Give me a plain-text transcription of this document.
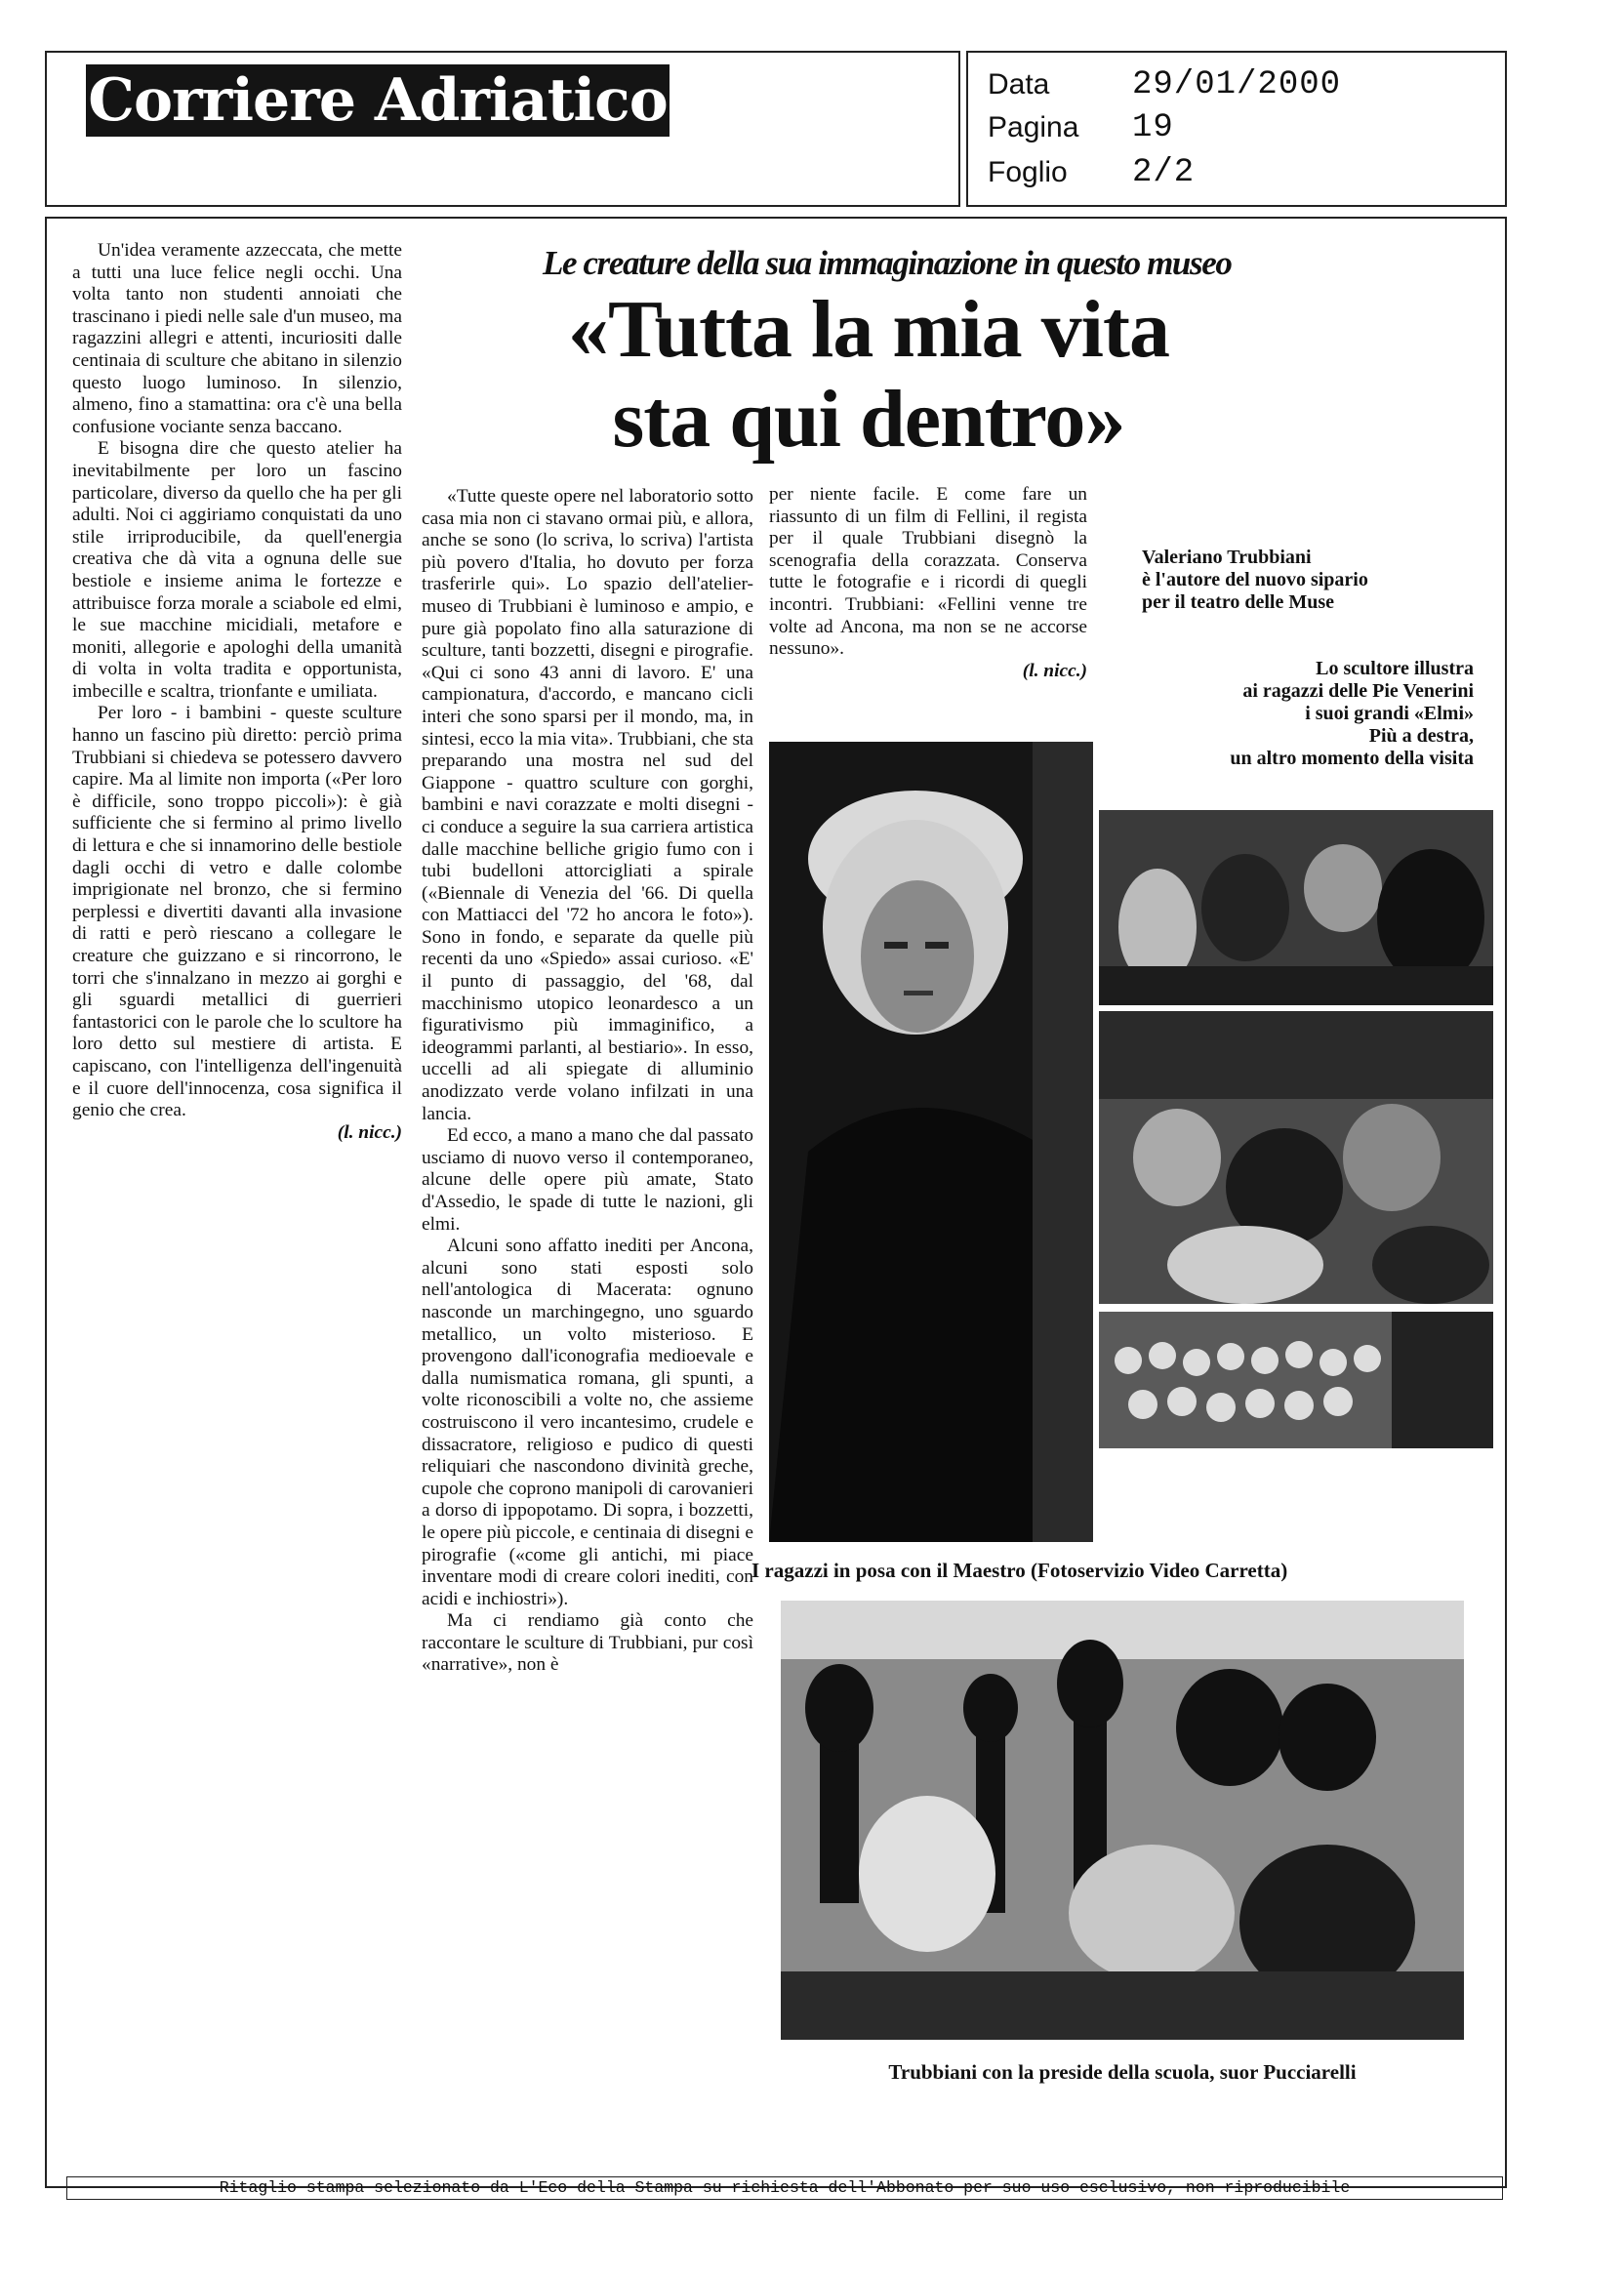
Corriere Adriatico	Data 29/01/2000
Pagina 19
Foglio 2/2

Un'idea veramente azzeccata, che mette a tutti una luce felice negli occhi. Una volta tanto non studenti annoiati che trascinano i piedi nelle sale d'un museo, ma ragazzini allegri e attenti, incuriositi dalle centinaia di sculture che abitano in silenzio questo luogo luminoso. In silenzio, almeno, fino a stamattina: ora c'è una bella confusione vociante senza baccano.

E bisogna dire che questo atelier ha inevitabilmente per loro un fascino particolare, diverso da quello che ha per gli adulti. Noi ci aggiriamo conquistati da uno stile irriproducibile, da quell'energia creativa che dà vita a ognuna delle sue bestiole e insieme anima le fortezze e attribuisce forza morale a sciabole ed elmi, le sue macchine micidiali, metafore e moniti, allegorie e apologhi della umanità di volta in volta tradita e opportunista, imbecille e scaltra, trionfante e umiliata.

Per loro - i bambini - queste sculture hanno un fascino più diretto: perciò prima Trubbiani si chiedeva se potessero davvero capire. Ma al limite non importa («Per loro è difficile, sono troppo piccoli»): è già sufficiente che si fermino al primo livello di lettura e che si innamorino delle bestiole dagli occhi di vetro e dalle colombe imprigionate nel bronzo, che si fermino perplessi e divertiti davanti alla invasione di ratti e però riescano a collegare le creature che guizzano e si rincorrono, le torri che s'innalzano in mezzo ai gorghi e gli sguardi metallici di guerrieri fantastorici con le parole che lo scultore ha loro detto sul mestiere di artista. E capiscano, con l'intelligenza dell'ingenuità e il cuore dell'innocenza, cosa significa il genio che crea.

(l. nicc.)
Le creature della sua immaginazione in questo museo
«Tutta la mia vita
sta qui dentro»

«Tutte queste opere nel laboratorio sotto casa mia non ci stavano ormai più, e allora, anche se sono (lo scriva, lo scriva) l'artista più povero d'Italia, ho dovuto per forza trasferirle qui». Lo spazio dell'atelier-museo di Trubbiani è luminoso e ampio, e pure già popolato fino alla saturazione di sculture, tanti bozzetti, disegni e pirografie. «Qui ci sono 43 anni di lavoro. E' una campionatura, d'accordo, e mancano cicli interi che sono sparsi per il mondo, ma, in sintesi, ecco la mia vita». Trubbiani, che sta preparando una mostra nel sud del Giappone - quattro sculture con gorghi, bambini e navi corazzate e molti disegni - ci conduce a seguire la sua carriera artistica dalle macchine belliche grigio fumo con i tubi budelloni attorcigliati a spirale («Biennale di Venezia del '66. Di quella con Mattiacci del '72 ho ancora le foto»). Sono in fondo, e separate da quelle più recenti da uno «Spiedo» assai curioso. «E' il punto di passaggio, del '68, dal macchinismo utopico leonardesco a un figurativismo più immaginifico, a ideogrammi parlanti, al bestiario». In esso, uccelli ad ali spiegate di alluminio anodizzato verde volano infilzati in una lancia.

Ed ecco, a mano a mano che dal passato usciamo di nuovo verso il contemporaneo, alcune delle opere più amate, Stato d'Assedio, le spade di tutte le nazioni, gli elmi.

Alcuni sono affatto inediti per Ancona, alcuni sono stati esposti solo nell'antologica di Macerata: ognuno nasconde un marchingegno, uno sguardo metallico, un volto misterioso. E provengono dall'iconografia medioevale e dalla numismatica romana, gli spunti, a volte riconoscibili a volte no, che assieme costruiscono il vero incantesimo, crudele e dissacratore, religioso e pudico di questi reliquiari che nascondono divinità greche, cupole che coprono manipoli di carovanieri a dorso di ippopotamo. Di sopra, i bozzetti, le opere più piccole, e centinaia di disegni e pirografie («come gli antichi, mi piace inventare modi di creare colori inediti, con acidi e inchiostri»).

Ma ci rendiamo già conto che raccontare le sculture di Trubbiani, pur così «narrative», non è

per niente facile. E come fare un riassunto di un film di Fellini, il regista per il quale Trubbiani disegnò la scenografia della corazzata. Conserva tutte le fotografie e i ricordi di quegli incontri. Trubbiani: «Fellini venne tre volte ad Ancona, ma non se ne accorse nessuno».

(l. nicc.)
Valeriano Trubbiani
è l'autore del nuovo sipario
per il teatro delle Muse
Lo scultore illustra
ai ragazzi delle Pie Venerini
i suoi grandi «Elmi»
Più a destra,
un altro momento della visita
I ragazzi in posa con il Maestro (Fotoservizio Video Carretta)
Trubbiani con la preside della scuola, suor Pucciarelli
Ritaglio stampa selezionato da L'Eco della Stampa su richiesta dell'Abbonato per suo uso esclusivo, non riproducibile
